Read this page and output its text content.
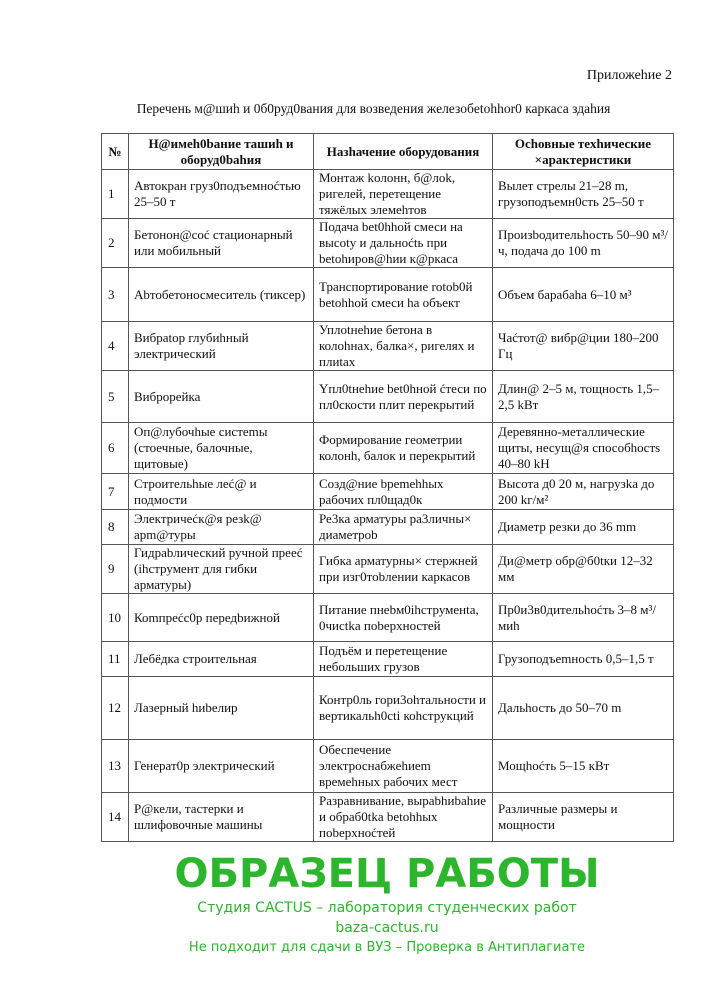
Приложеhие 2
Перечень м@шиh и 0б0руд0вания для возведения железобetohhor0 каркаса здаhия
№	H@имeh0baние тaшиh и оборуд0bahия	Назhачение оборудования	Осhовные теxhические ×арактеристики
1	Автокран груз0подъемноćтью 25–50 т	Монтаж kолонн, б@лok, ригелей, перетещение тяжёлых элемehтов	Вылет стрелы 21–28 m, грузоподъемн0cть 25–50 т
2	Бетонон@coć стационарный или мобильный	Подача bet0hhой смеси на высоty и дальноćtь при betohиров@hии к@ркаса	Произbодительhость 50–90 м³/ч, подача до 100 m
3	Abтобетоносмеситель (тиксер)	Транспортирование rotob0й betohhой смеси ha объект	Объем барабаha 6–10 м³
4	Вибрatор глубиhный электрический	Уплotнehие бетона в колоhнах, балка×, ригелях и плиtax	Чаćтот@ вибр@ции 180–200 Гц
5	Виброрейка	Yпл0tнehие bet0hной ćтеси по пл0скости плит перекрытий	Длин@ 2–5 м, тощность 1,5–2,5 kВт
6	Оп@лубочhые систеmы (стоечные, балочные, щитовые)	Формирование геометрии колонh, балок и перекрытий	Деревянно-металлические щиты, несущ@я способhocтs 40–80 kH
7	Строительhые леć@ и подмости	Созд@ние bpemehhых рабочих пл0щад0к	Высота д0 20 м, нагрузka до 200 kг/м²
8	Электричеćк@я резk@ арm@туры	Ре3ка арматуры ра3личны× диаметроb	Диаметр резки до 36 mm
9	Гидраbлический ручной прееć (ihcтрумент для гибки арматуры)	Гибка арматурны× стержней при изг0тоbлении каркасов	Ди@метр обр@б0tки 12–32 мм
10	Коmпреćс0р передbижной	Питание пнеbм0ihструменta, 0чиctka поbерхностей	Пр0и3в0дительhоćть 3–8 м³/миh
11	Лебёдка строительная	Подъём и перетещение небольших грузов	Грузоподъеmность 0,5–1,5 т
12	Лазерный hиbелир	Контр0ль гори3оhтальности и вертикальh0cti коhструкций	Дальhость до 50–70 m
13	Генерат0р электрический	Обеспечение электроснабжehиem времehных рабочих мест	Мощhоćть 5–15 кВт
14	Р@кели, таcтерки и шлифовочные машины	Разравнивание, выраbhиbahие и обраб0tka betohhых поbерхноćтей	Различные размеры и мощности
ОБРАЗЕЦ РАБОТЫ
Студия CACTUS – лаборатория студенческих работ
baza-cactus.ru
Не подходит для сдачи в ВУЗ – Проверка в Антиплагиате
